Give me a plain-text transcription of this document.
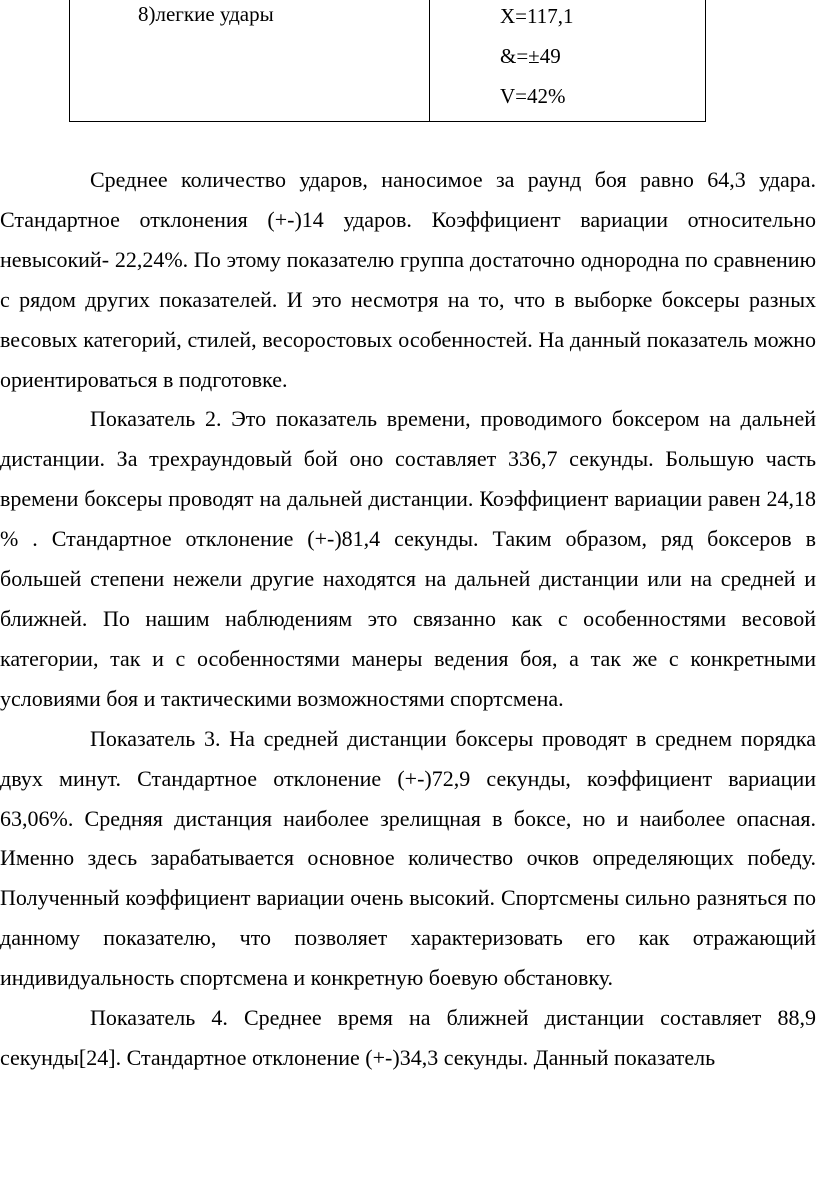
8)легкие удары	Х=117,1
&=±49
V=42%

Среднее количество ударов, наносимое за раунд боя равно 64,3 удара. Стандартное отклонения (+-)14 ударов. Коэффициент вариации относительно невысокий- 22,24%. По этому показателю группа достаточно однородна по сравнению с рядом других показателей. И это несмотря на то, что в выборке боксеры разных весовых категорий, стилей, весоростовых особенностей. На данный показатель можно ориентироваться в подготовке.

Показатель 2. Это показатель времени, проводимого боксером на дальней дистанции. За трехраундовый бой оно составляет 336,7 секунды. Большую часть времени боксеры проводят на дальней дистанции. Коэффициент вариации равен 24,18 % . Стандартное отклонение (+-)81,4 секунды. Таким образом, ряд боксеров в большей степени нежели другие находятся на дальней дистанции или на средней и ближней. По нашим наблюдениям это связанно как с особенностями весовой категории, так и с особенностями манеры ведения боя, а так же с конкретными условиями боя и тактическими возможностями спортсмена.

Показатель 3. На средней дистанции боксеры проводят в среднем порядка двух минут. Стандартное отклонение (+-)72,9 секунды, коэффициент вариации 63,06%. Средняя дистанция наиболее зрелищная в боксе, но и наиболее опасная. Именно здесь зарабатывается основное количество очков определяющих победу. Полученный коэффициент вариации очень высокий. Спортсмены сильно разняться по данному показателю, что позволяет характеризовать его как отражающий индивидуальность спортсмена и конкретную боевую обстановку.

Показатель 4. Среднее время на ближней дистанции составляет 88,9 секунды[24]. Стандартное отклонение (+-)34,3 секунды. Данный показатель
